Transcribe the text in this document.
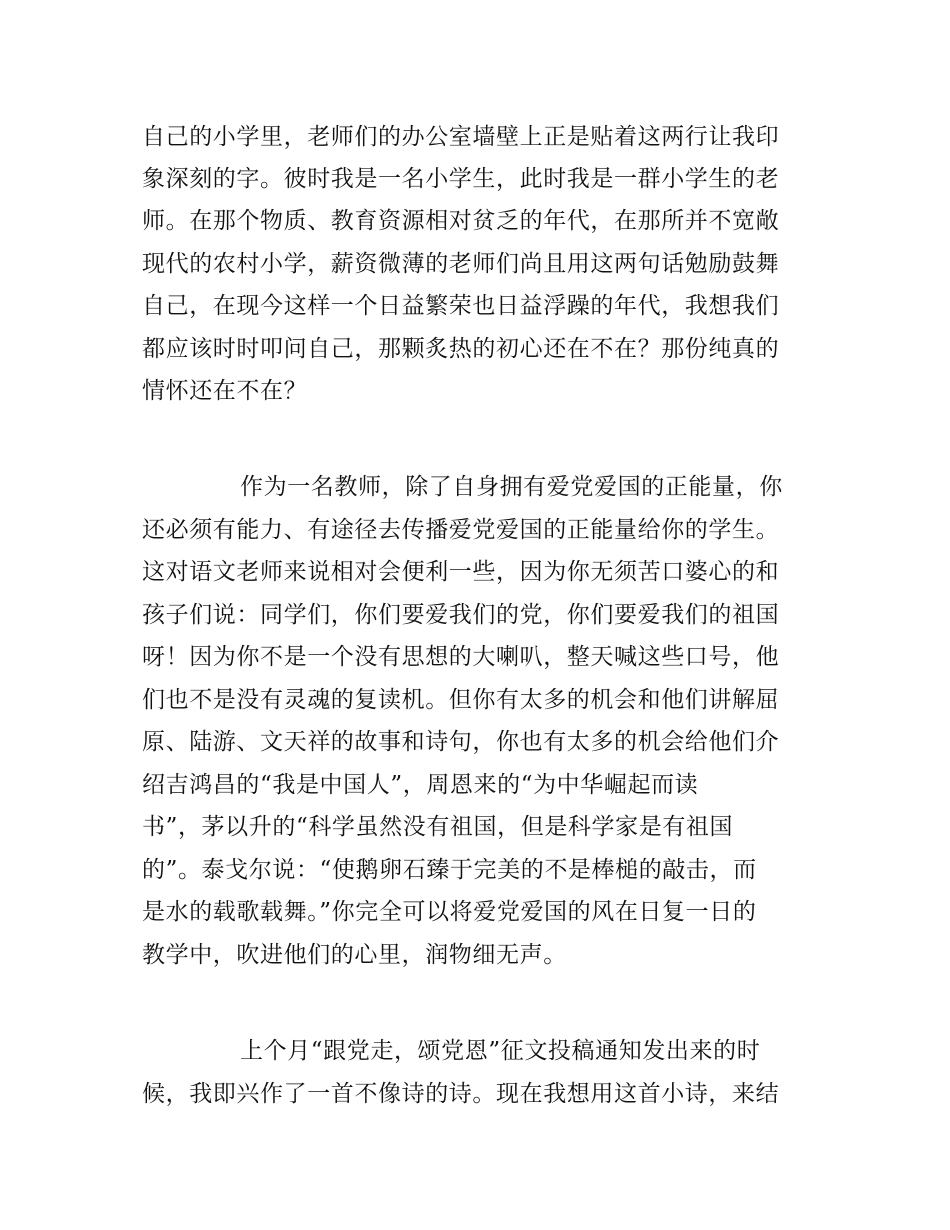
自己的小学里，老师们的办公室墙壁上正是贴着这两行让我印
象深刻的字。彼时我是一名小学生，此时我是一群小学生的老
师。在那个物质、教育资源相对贫乏的年代，在那所并不宽敞
现代的农村小学，薪资微薄的老师们尚且用这两句话勉励鼓舞
自己，在现今这样一个日益繁荣也日益浮躁的年代，我想我们
都应该时时叩问自己，那颗炙热的初心还在不在？那份纯真的
情怀还在不在？
作为一名教师，除了自身拥有爱党爱国的正能量，你
还必须有能力、有途径去传播爱党爱国的正能量给你的学生。
这对语文老师来说相对会便利一些，因为你无须苦口婆心的和
孩子们说：同学们，你们要爱我们的党，你们要爱我们的祖国
呀！因为你不是一个没有思想的大喇叭，整天喊这些口号，他
们也不是没有灵魂的复读机。但你有太多的机会和他们讲解屈
原、陆游、文天祥的故事和诗句，你也有太多的机会给他们介
绍吉鸿昌的“我是中国人”，周恩来的“为中华崛起而读
书”，茅以升的“科学虽然没有祖国，但是科学家是有祖国
的”。泰戈尔说：“使鹅卵石臻于完美的不是棒槌的敲击，而
是水的载歌载舞。”你完全可以将爱党爱国的风在日复一日的
教学中，吹进他们的心里，润物细无声。
上个月“跟党走，颂党恩”征文投稿通知发出来的时
候，我即兴作了一首不像诗的诗。现在我想用这首小诗，来结
